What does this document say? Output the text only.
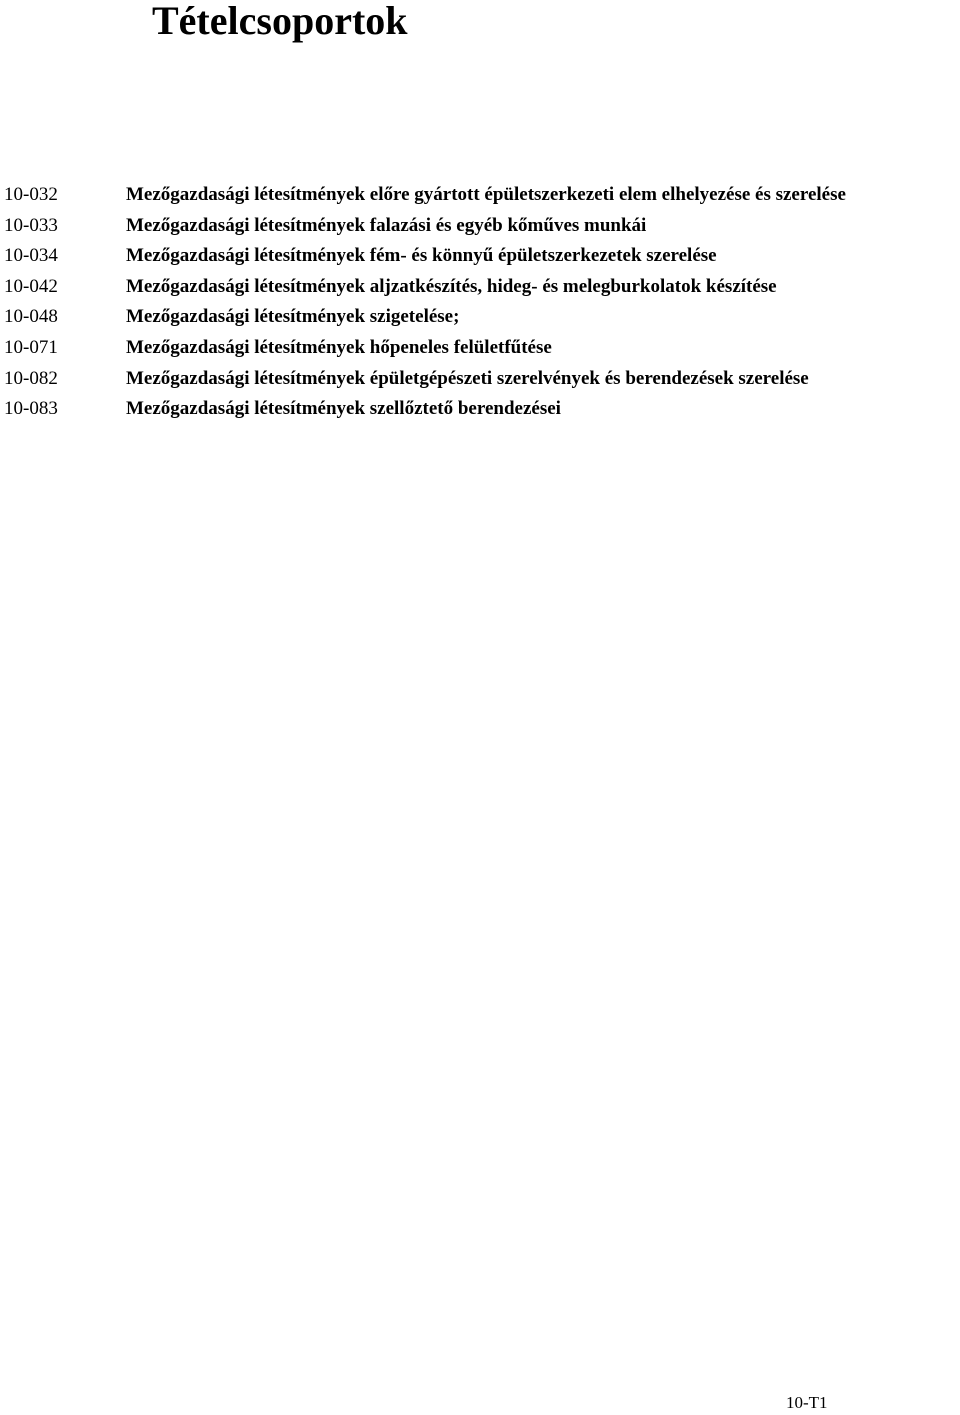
Tételcsoportok
10-032	Mezőgazdasági létesítmények előre gyártott épületszerkezeti elem elhelyezése és szerelése
10-033	Mezőgazdasági létesítmények falazási és egyéb kőműves munkái
10-034	Mezőgazdasági létesítmények fém- és könnyű épületszerkezetek szerelése
10-042	Mezőgazdasági létesítmények aljzatkészítés, hideg- és melegburkolatok készítése
10-048	Mezőgazdasági létesítmények szigetelése;
10-071	Mezőgazdasági létesítmények hőpeneles felületfűtése
10-082	Mezőgazdasági létesítmények épületgépészeti szerelvények és berendezések szerelése
10-083	Mezőgazdasági létesítmények szellőztető berendezései
10-T1
